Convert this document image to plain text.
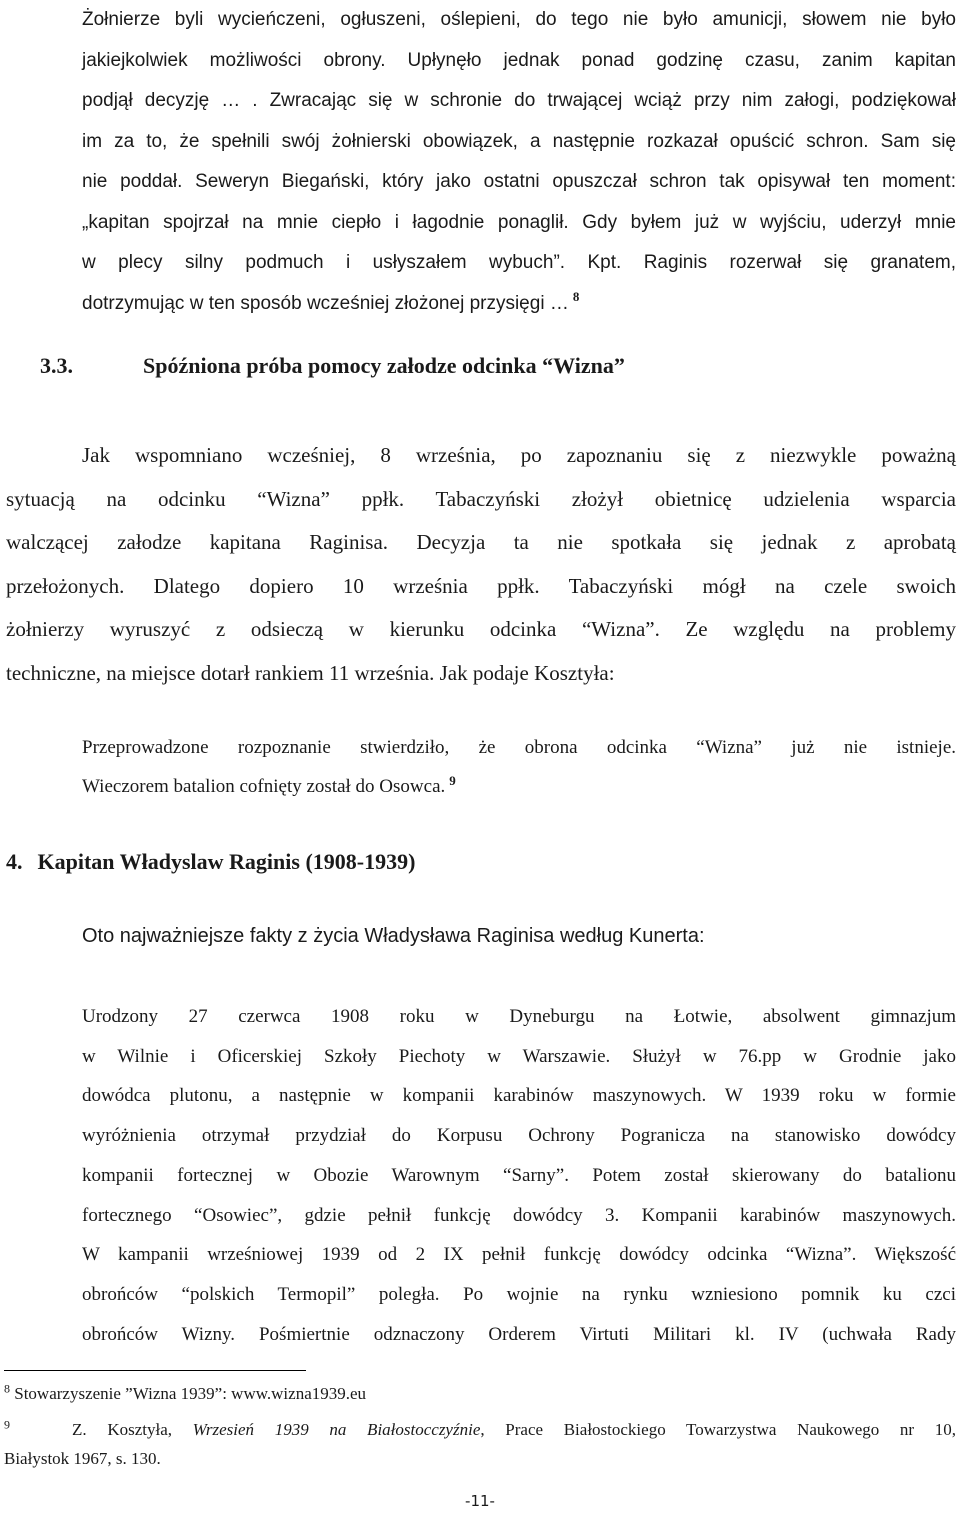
Żołnierze byli wycieńczeni, ogłuszeni, oślepieni, do tego nie było amunicji, słowem nie było
jakiejkolwiek możliwości obrony. Upłynęło jednak ponad godzinę czasu, zanim kapitan
podjął decyzję … . Zwracając się w schronie do trwającej wciąż przy nim załogi, podziękował
im za to, że spełnili swój żołnierski obowiązek, a następnie rozkazał opuścić schron. Sam się
nie poddał. Seweryn Biegański, który jako ostatni opuszczał schron tak opisywał ten moment:
„kapitan spojrzał na mnie ciepło i łagodnie ponaglił. Gdy byłem już w wyjściu, uderzył mnie
w plecy silny podmuch i usłyszałem wybuch”. Kpt. Raginis rozerwał się granatem,
dotrzymując w ten sposób wcześniej złożonej przysięgi … $^8$
3.3.	Spóźniona próba pomocy załodze odcinka “Wizna”
Jak wspomniano wcześniej, 8 września, po zapoznaniu się z niezwykle poważną
sytuacją na odcinku “Wizna” ppłk. Tabaczyński złożył obietnicę udzielenia wsparcia
walczącej załodze kapitana Raginisa. Decyzja ta nie spotkała się jednak z aprobatą
przełożonych. Dlatego dopiero 10 września ppłk. Tabaczyński mógł na czele swoich
żołnierzy wyruszyć z odsieczą w kierunku odcinka “Wizna”. Ze względu na problemy
techniczne, na miejsce dotarł rankiem 11 września. Jak podaje Kosztyła:
Przeprowadzone rozpoznanie stwierdziło, że obrona odcinka “Wizna” już nie istnieje.
Wieczorem batalion cofnięty został do Osowca. $^9$
4. Kapitan Władyslaw Raginis (1908-1939)
Oto najważniejsze fakty z życia Władysława Raginisa według Kunerta:
Urodzony 27 czerwca 1908 roku w Dyneburgu na Łotwie, absolwent gimnazjum
w Wilnie i Oficerskiej Szkoły Piechoty w Warszawie. Służył w 76.pp w Grodnie jako
dowódca plutonu, a następnie w kompanii karabinów maszynowych. W 1939 roku w formie
wyróżnienia otrzymał przydział do Korpusu Ochrony Pogranicza na stanowisko dowódcy
kompanii fortecznej w Obozie Warownym “Sarny”. Potem został skierowany do batalionu
fortecznego “Osowiec”, gdzie pełnił funkcję dowódcy 3. Kompanii karabinów maszynowych.
W kampanii wrześniowej 1939 od 2 IX pełnił funkcję dowódcy odcinka “Wizna”. Większość
obrońców “polskich Termopil” poległa. Po wojnie na rynku wzniesiono pomnik ku czci
obrońców Wizny. Pośmiertnie odznaczony Orderem Virtuti Militari kl. IV (uchwała Rady

$^8$ Stowarzyszenie ”Wizna 1939”: www.wizna1939.eu

$^9$	Z. Kosztyła, Wrzesień 1939 na Białostocczyźnie, Prace Białostockiego Towarzystwa Naukowego nr 10,
Białystok 1967, s. 130.

-11-
